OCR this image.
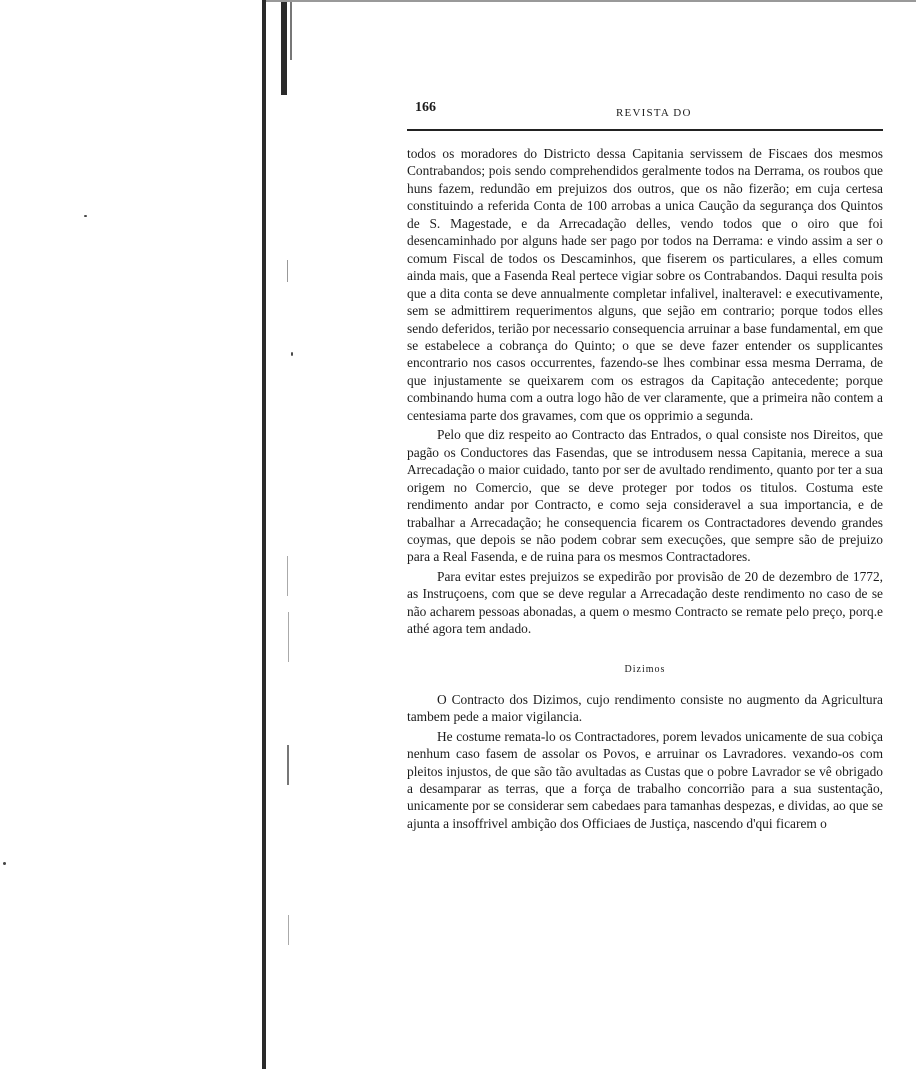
166	REVISTA DO

todos os moradores do Districto dessa Capitania servissem de Fiscaes dos mesmos Contrabandos; pois sendo comprehendidos geralmente todos na Derrama, os roubos que huns fazem, redundão em prejuizos dos outros, que os não fizerão; em cuja certesa constituindo a referida Conta de 100 arrobas a unica Caução da segurança dos Quintos de S. Magestade, e da Arrecadação delles, vendo todos que o oiro que foi desencaminhado por alguns hade ser pago por todos na Derrama: e vindo assim a ser o comum Fiscal de todos os Descaminhos, que fiserem os particulares, a elles comum ainda mais, que a Fasenda Real pertece vigiar sobre os Contrabandos. Daqui resulta pois que a dita conta se deve annualmente completar infalivel, inalteravel: e executivamente, sem se admittirem requerimentos alguns, que sejão em contrario; porque todos elles sendo deferidos, terião por necessario consequencia arruinar a base fundamental, em que se estabelece a cobrança do Quinto; o que se deve fazer entender os supplicantes encontrario nos casos occurrentes, fazendo-se lhes combinar essa mesma Derrama, de que injustamente se queixarem com os estragos da Capitação antecedente; porque combinando huma com a outra logo hão de ver claramente, que a primeira não contem a centesiama parte dos gravames, com que os opprimio a segunda.

Pelo que diz respeito ao Contracto das Entrados, o qual consiste nos Direitos, que pagão os Conductores das Fasendas, que se introdusem nessa Capitania, merece a sua Arrecadação o maior cuidado, tanto por ser de avultado rendimento, quanto por ter a sua origem no Comercio, que se deve proteger por todos os titulos. Costuma este rendimento andar por Contracto, e como seja consideravel a sua importancia, e de trabalhar a Arrecadação; he consequencia ficarem os Contractadores devendo grandes coymas, que depois se não podem cobrar sem execuções, que sempre são de prejuizo para a Real Fasenda, e de ruina para os mesmos Contractadores.

Para evitar estes prejuizos se expedirão por provisão de 20 de dezembro de 1772, as Instruçoens, com que se deve regular a Arrecadação deste rendimento no caso de se não acharem pessoas abonadas, a quem o mesmo Contracto se remate pelo preço, porq.e athé agora tem andado.

Dizimos

O Contracto dos Dizimos, cujo rendimento consiste no augmento da Agricultura tambem pede a maior vigilancia.

He costume remata-lo os Contractadores, porem levados unicamente de sua cobiça nenhum caso fasem de assolar os Povos, e arruinar os Lavradores. vexando-os com pleitos injustos, de que são tão avultadas as Custas que o pobre Lavrador se vê obrigado a desamparar as terras, que a força de trabalho concorrião para a sua sustentação, unicamente por se considerar sem cabedaes para tamanhas despezas, e dividas, ao que se ajunta a insoffrivel ambição dos Officiaes de Justiça, nascendo d'qui ficarem o
